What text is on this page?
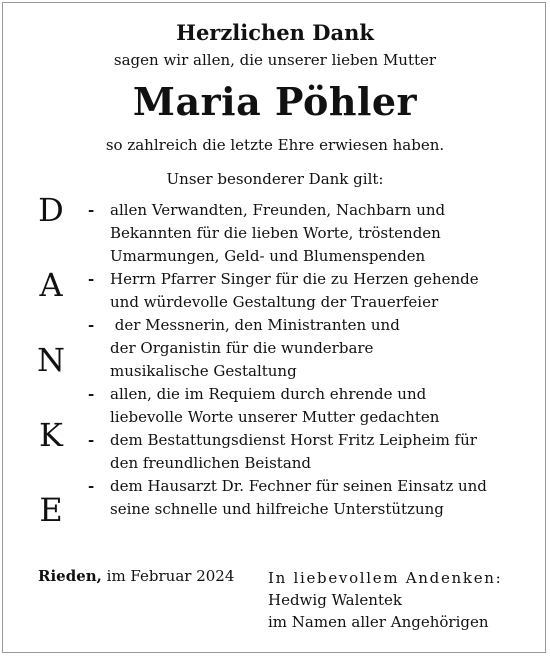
Herzlichen Dank
sagen wir allen, die unserer lieben Mutter
Maria Pöhler
so zahlreich die letzte Ehre erwiesen haben.
Unser besonderer Dank gilt:
D
A
N
K
E
- allen Verwandten, Freunden, Nachbarn und
Bekannten für die lieben Worte, tröstenden
Umarmungen, Geld- und Blumenspenden
- Herrn Pfarrer Singer für die zu Herzen gehende
und würdevolle Gestaltung der Trauerfeier
- der Messnerin, den Ministranten und
der Organistin für die wunderbare
musikalische Gestaltung
- allen, die im Requiem durch ehrende und
liebevolle Worte unserer Mutter gedachten
- dem Bestattungsdienst Horst Fritz Leipheim für
den freundlichen Beistand
- dem Hausarzt Dr. Fechner für seinen Einsatz und
seine schnelle und hilfreiche Unterstützung
Rieden, im Februar 2024 In liebevollem Andenken:
Hedwig Walentek
im Namen aller Angehörigen
